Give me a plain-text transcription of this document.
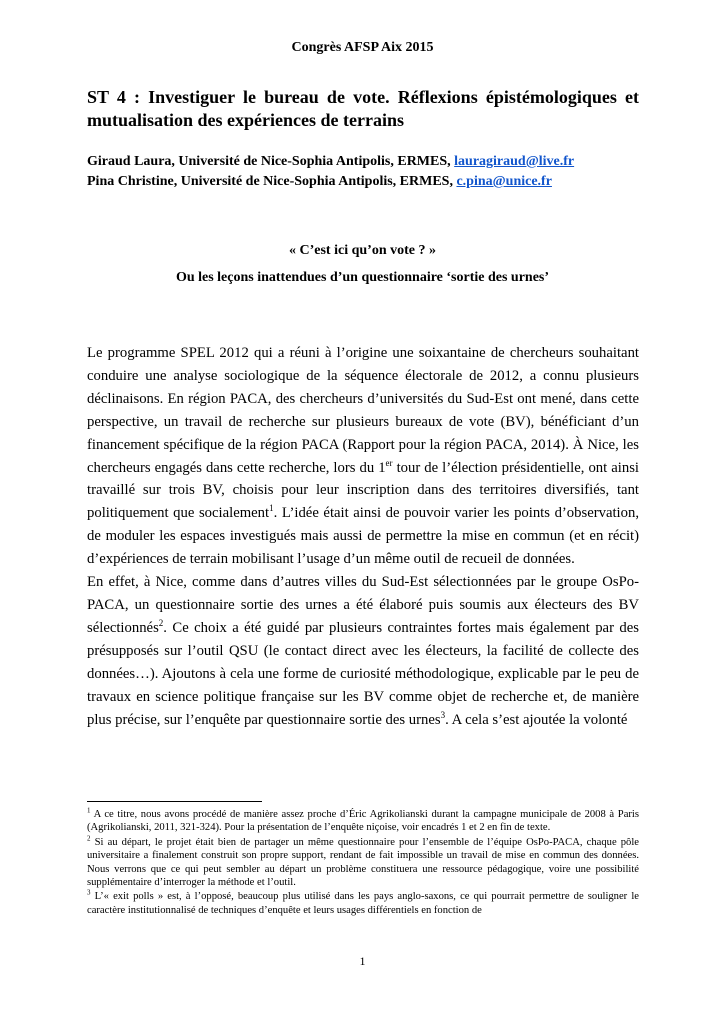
Congrès AFSP Aix 2015
ST 4 : Investiguer le bureau de vote. Réflexions épistémologiques et mutualisation des expériences de terrains
Giraud Laura, Université de Nice-Sophia Antipolis, ERMES, lauragiraud@live.fr
Pina Christine, Université de Nice-Sophia Antipolis, ERMES, c.pina@unice.fr
« C’est ici qu’on vote ? »
Ou les leçons inattendues d’un questionnaire ‘sortie des urnes’

Le programme SPEL 2012 qui a réuni à l’origine une soixantaine de chercheurs souhaitant conduire une analyse sociologique de la séquence électorale de 2012, a connu plusieurs déclinaisons. En région PACA, des chercheurs d’universités du Sud-Est ont mené, dans cette perspective, un travail de recherche sur plusieurs bureaux de vote (BV), bénéficiant d’un financement spécifique de la région PACA (Rapport pour la région PACA, 2014). À Nice, les chercheurs engagés dans cette recherche, lors du 1er tour de l’élection présidentielle, ont ainsi travaillé sur trois BV, choisis pour leur inscription dans des territoires diversifiés, tant politiquement que socialement$^1$. L’idée était ainsi de pouvoir varier les points d’observation, de moduler les espaces investigués mais aussi de permettre la mise en commun (et en récit) d’expériences de terrain mobilisant l’usage d’un même outil de recueil de données.

En effet, à Nice, comme dans d’autres villes du Sud-Est sélectionnées par le groupe OsPo-PACA, un questionnaire sortie des urnes a été élaboré puis soumis aux électeurs des BV sélectionnés$^2$. Ce choix a été guidé par plusieurs contraintes fortes mais également par des présupposés sur l’outil QSU (le contact direct avec les électeurs, la facilité de collecte des données…). Ajoutons à cela une forme de curiosité méthodologique, explicable par le peu de travaux en science politique française sur les BV comme objet de recherche et, de manière plus précise, sur l’enquête par questionnaire sortie des urnes$^3$. A cela s’est ajoutée la volonté

$^1$ A ce titre, nous avons procédé de manière assez proche d’Éric Agrikolianski durant la campagne municipale de 2008 à Paris (Agrikolianski, 2011, 321-324). Pour la présentation de l’enquête niçoise, voir encadrés 1 et 2 en fin de texte.

$^2$ Si au départ, le projet était bien de partager un même questionnaire pour l’ensemble de l’équipe OsPo-PACA, chaque pôle universitaire a finalement construit son propre support, rendant de fait impossible un travail de mise en commun des données. Nous verrons que ce qui peut sembler au départ un problème constituera une ressource pédagogique, voire une possibilité supplémentaire d’interroger la méthode et l’outil.

$^3$ L’« exit polls » est, à l’opposé, beaucoup plus utilisé dans les pays anglo-saxons, ce qui pourrait permettre de souligner le caractère institutionnalisé de techniques d’enquête et leurs usages différentiels en fonction de

1
